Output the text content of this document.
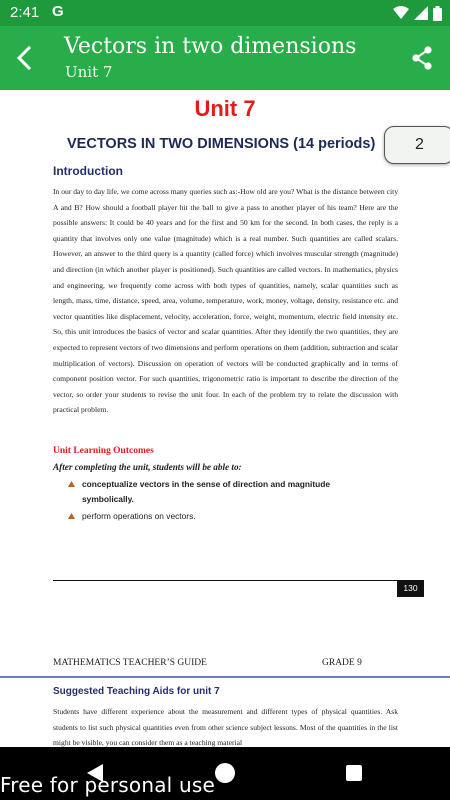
2:41 G
Vectors in two dimensions
Unit 7
Unit 7
VECTORS IN TWO DIMENSIONS (14 periods) 2
Introduction
In our day to day life, we come across many queries such as:-How old are you? What is the distance between city A and B? How should a football player hit the ball to give a pass to another player of his team? Here are the possible answers: It could be 40 years and for the first and 50 km for the second. In both cases, the reply is a quantity that involves only one value (magnitude) which is a real number. Such quantities are called scalars. However, an answer to the third query is a quantity (called force) which involves muscular strength (magnitude) and direction (in which another player is positioned). Such quantities are called vectors. In mathematics, physics and engineering, we frequently come across with both types of quantities, namely, scalar quantities such as length, mass, time, distance, speed, area, volume, temperature, work, money, voltage, density, resistance etc. and vector quantities like displacement, velocity, acceleration, force, weight, momentum, electric field intensity etc. So, this unit introduces the basics of vector and scalar quantities. After they identify the two quantities, they are expected to represent vectors of two dimensions and perform operations on them (addition, subtraction and scalar multiplication of vectors). Discussion on operation of vectors will be conducted graphically and in terms of component position vector. For such quantities, trigonometric ratio is important to describe the direction of the vector, so order your students to revise the unit four. In each of the problem try to relate the discussion with practical problem.
Unit Learning Outcomes
After completing the unit, students will be able to:
conceptualize vectors in the sense of direction and magnitude symbolically.
perform operations on vectors.
130
MATHEMATICS TEACHER’S GUIDE	GRADE 9
Suggested Teaching Aids for unit 7
Students have different experience about the measurement and different types of physical quantities. Ask students to list such physical quantities even from other science subject lessons. Most of the quantities in the list might be visible, you can consider them as a teaching material
Free for personal use
